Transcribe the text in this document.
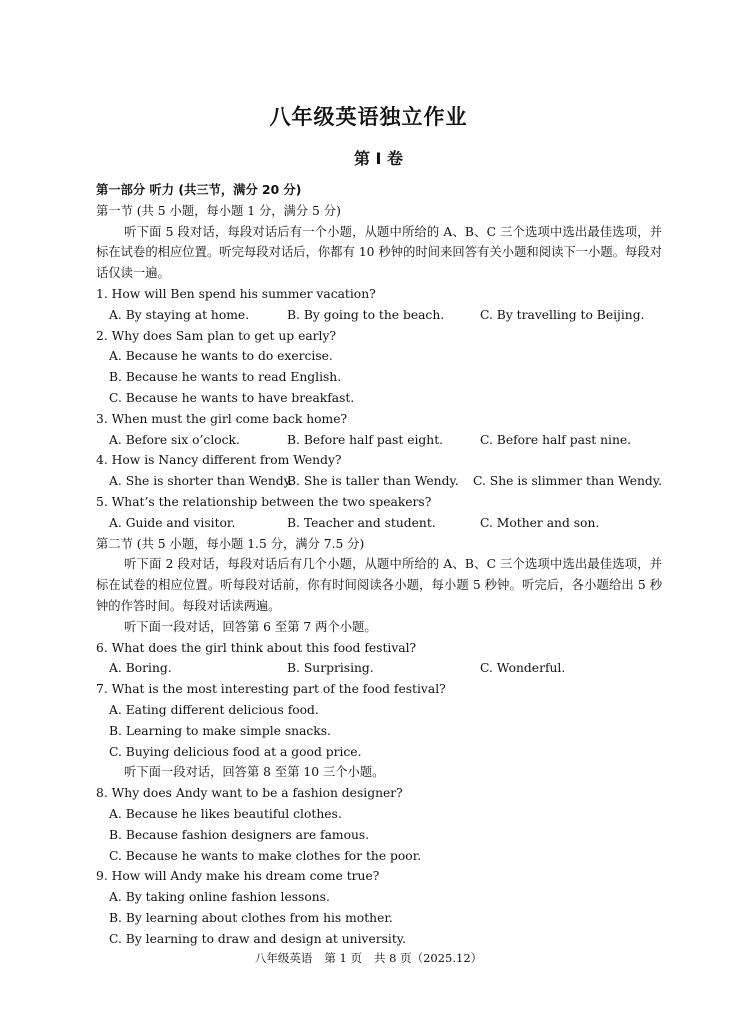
八年级英语独立作业
第 I 卷
第一部分 听力 (共三节，满分 20 分)
第一节 (共 5 小题，每小题 1 分，满分 5 分)
听下面 5 段对话，每段对话后有一个小题，从题中所给的 A、B、C 三个选项中选出最佳选项，并标在试卷的相应位置。听完每段对话后，你都有 10 秒钟的时间来回答有关小题和阅读下一小题。每段对话仅读一遍。
1. How will Ben spend his summer vacation?
A. By staying at home.	B. By going to the beach.	C. By travelling to Beijing.
2. Why does Sam plan to get up early?
A. Because he wants to do exercise.
B. Because he wants to read English.
C. Because he wants to have breakfast.
3. When must the girl come back home?
A. Before six o’clock.	B. Before half past eight.	C. Before half past nine.
4. How is Nancy different from Wendy?
A. She is shorter than Wendy.
B. She is taller than Wendy.	C. She is slimmer than Wendy.
5. What’s the relationship between the two speakers?
A. Guide and visitor.	B. Teacher and student.	C. Mother and son.
第二节 (共 5 小题，每小题 1.5 分，满分 7.5 分)
听下面 2 段对话，每段对话后有几个小题，从题中所给的 A、B、C 三个选项中选出最佳选项，并标在试卷的相应位置。听每段对话前，你有时间阅读各小题，每小题 5 秒钟。听完后，各小题给出 5 秒钟的作答时间。每段对话读两遍。
听下面一段对话，回答第 6 至第 7 两个小题。
6. What does the girl think about this food festival?
A. Boring.	B. Surprising.	C. Wonderful.
7. What is the most interesting part of the food festival?
A. Eating different delicious food.
B. Learning to make simple snacks.
C. Buying delicious food at a good price.
听下面一段对话，回答第 8 至第 10 三个小题。
8. Why does Andy want to be a fashion designer?
A. Because he likes beautiful clothes.
B. Because fashion designers are famous.
C. Because he wants to make clothes for the poor.
9. How will Andy make his dream come true?
A. By taking online fashion lessons.
B. By learning about clothes from his mother.
C. By learning to draw and design at university.
八年级英语 第 1 页 共 8 页（2025.12）
